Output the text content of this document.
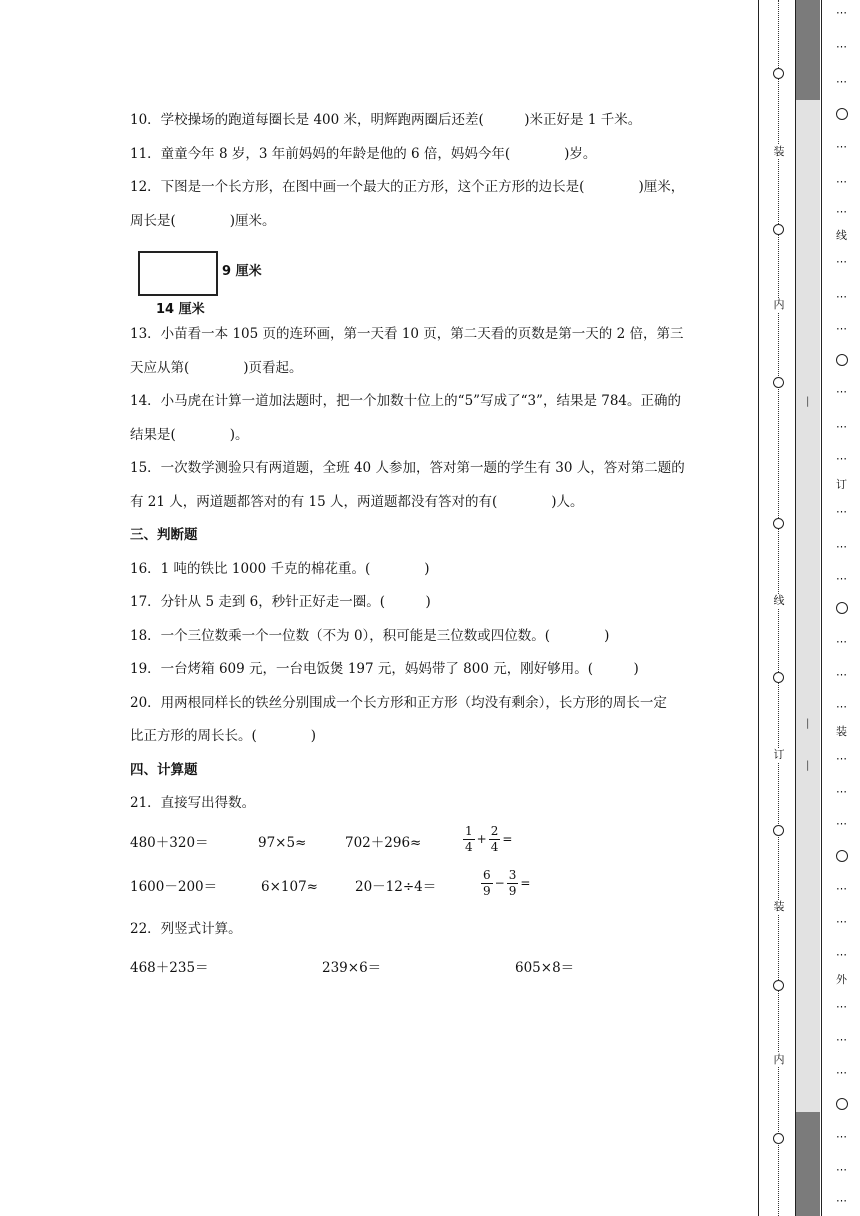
10．学校操场的跑道每圈长是 400 米，明辉跑两圈后还差(　　　)米正好是 1 千米。
11．童童今年 8 岁，3 年前妈妈的年龄是他的 6 倍，妈妈今年(　　　　)岁。
12．下图是一个长方形，在图中画一个最大的正方形，这个正方形的边长是(　　　　)厘米，
周长是(　　　　)厘米。
9 厘米
14 厘米
13．小苗看一本 105 页的连环画，第一天看 10 页，第二天看的页数是第一天的 2 倍，第三
天应从第(　　　　)页看起。
14．小马虎在计算一道加法题时，把一个加数十位上的“5”写成了“3”，结果是 784。正确的
结果是(　　　　)。
15．一次数学测验只有两道题，全班 40 人参加，答对第一题的学生有 30 人，答对第二题的
有 21 人，两道题都答对的有 15 人，两道题都没有答对的有(　　　　)人。
三、判断题
16．1 吨的铁比 1000 千克的棉花重。(　　　　)
17．分针从 5 走到 6，秒针正好走一圈。(　　　)
18．一个三位数乘一个一位数（不为 0），积可能是三位数或四位数。(　　　　)
19．一台烤箱 609 元，一台电饭煲 197 元，妈妈带了 800 元，刚好够用。(　　　)
20．用两根同样长的铁丝分别围成一个长方形和正方形（均没有剩余），长方形的周长一定
比正方形的周长长。(　　　　)
四、计算题
21．直接写出得数。
480＋320＝	97×5≈	702＋296≈	$\frac{1}{4} + \frac{2}{4}$ =
1600－200＝	6×107≈	20－12÷4＝	$\frac{6}{9} - \frac{3}{9}$ =
22．列竖式计算。
468＋235＝	239×6＝	605×8＝
装
内
线
订
装
内
|
|
|
⋯
⋯
⋯
⋯
⋯
⋯
线
⋯
⋯
⋯
⋯
⋯
⋯
订
⋯
⋯
⋯
⋯
⋯
⋯
装
⋯
⋯
⋯
⋯
⋯
⋯
外
⋯
⋯
⋯
⋯
⋯
⋯
